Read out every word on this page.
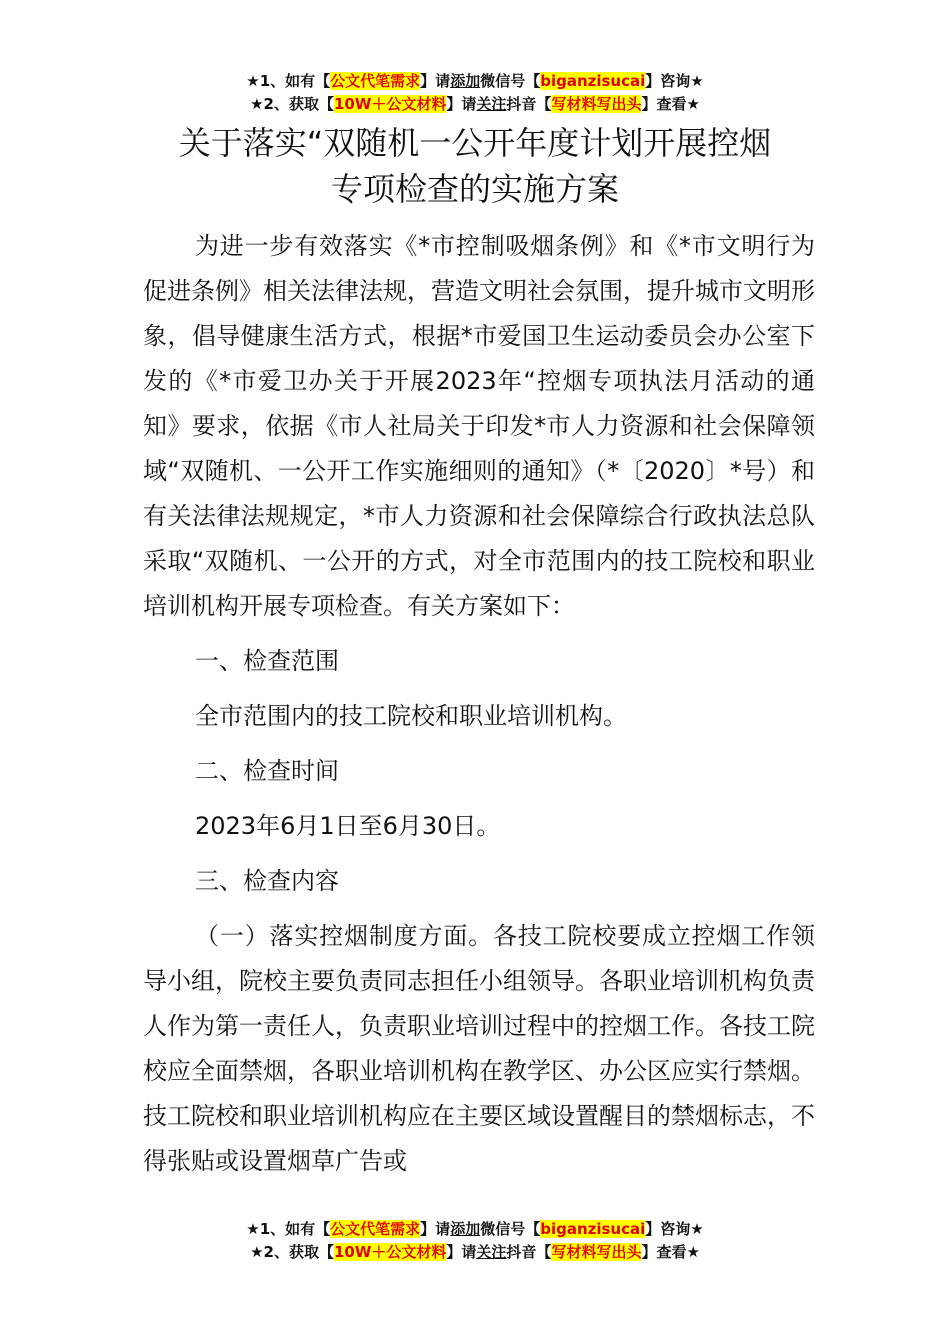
★1、如有【公文代笔需求】请添加微信号【biganzisucai】咨询★
★2、获取【10W＋公文材料】请关注抖音【写材料写出头】查看★
关于落实“双随机一公开年度计划开展控烟
专项检查的实施方案

为进一步有效落实《*市控制吸烟条例》和《*市文明行为促进条例》相关法律法规，营造文明社会氛围，提升城市文明形象，倡导健康生活方式，根据*市爱国卫生运动委员会办公室下发的《*市爱卫办关于开展2023年“控烟专项执法月活动的通知》要求，依据《市人社局关于印发*市人力资源和社会保障领域“双随机、一公开工作实施细则的通知》（*〔2020〕*号）和有关法律法规规定，*市人力资源和社会保障综合行政执法总队采取“双随机、一公开的方式，对全市范围内的技工院校和职业培训机构开展专项检查。有关方案如下：

一、检查范围

全市范围内的技工院校和职业培训机构。

二、检查时间

2023年6月1日至6月30日。

三、检查内容

（一）落实控烟制度方面。各技工院校要成立控烟工作领导小组，院校主要负责同志担任小组领导。各职业培训机构负责人作为第一责任人，负责职业培训过程中的控烟工作。各技工院校应全面禁烟，各职业培训机构在教学区、办公区应实行禁烟。技工院校和职业培训机构应在主要区域设置醒目的禁烟标志，不得张贴或设置烟草广告或

★1、如有【公文代笔需求】请添加微信号【biganzisucai】咨询★
★2、获取【10W＋公文材料】请关注抖音【写材料写出头】查看★
